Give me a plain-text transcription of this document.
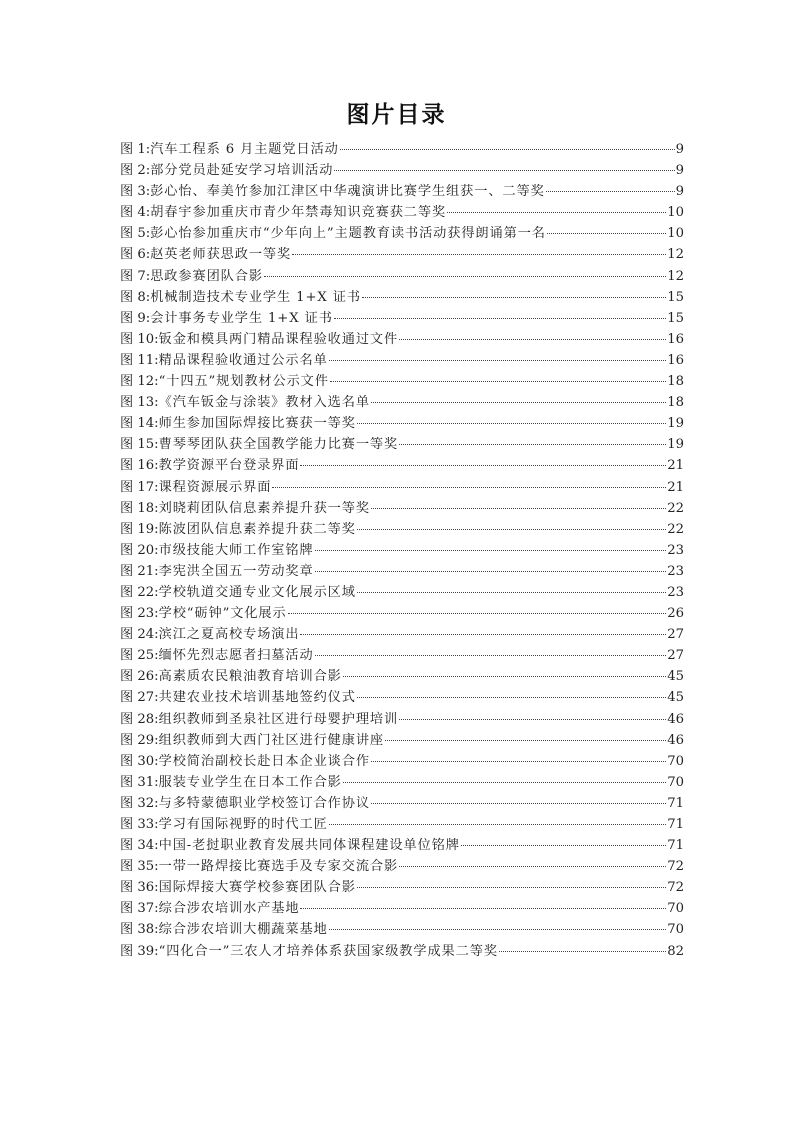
图片目录
图 1: 汽车工程系 6 月主题党日活动	9
图 2: 部分党员赴延安学习培训活动	9
图 3: 彭心怡、奉美竹参加江津区中华魂演讲比赛学生组获一、二等奖	9
图 4: 胡春宇参加重庆市青少年禁毒知识竞赛获二等奖	10
图 5: 彭心怡参加重庆市“少年向上”主题教育读书活动获得朗诵第一名	10
图 6: 赵英老师获思政一等奖	12
图 7: 思政参赛团队合影	12
图 8: 机械制造技术专业学生 1+X 证书	15
图 9: 会计事务专业学生 1+X 证书	15
图 10: 钣金和模具两门精品课程验收通过文件	16
图 11: 精品课程验收通过公示名单	16
图 12: “十四五”规划教材公示文件	18
图 13: 《汽车钣金与涂装》教材入选名单	18
图 14: 师生参加国际焊接比赛获一等奖	19
图 15: 曹琴琴团队获全国教学能力比赛一等奖	19
图 16: 教学资源平台登录界面	21
图 17: 课程资源展示界面	21
图 18: 刘晓莉团队信息素养提升获一等奖	22
图 19: 陈波团队信息素养提升获二等奖	22
图 20: 市级技能大师工作室铭牌	23
图 21: 李宪洪全国五一劳动奖章	23
图 22: 学校轨道交通专业文化展示区域	23
图 23: 学校“砺钟”文化展示	26
图 24: 滨江之夏高校专场演出	27
图 25: 缅怀先烈志愿者扫墓活动	27
图 26: 高素质农民粮油教育培训合影	45
图 27: 共建农业技术培训基地签约仪式	45
图 28: 组织教师到圣泉社区进行母婴护理培训	46
图 29: 组织教师到大西门社区进行健康讲座	46
图 30: 学校简治副校长赴日本企业谈合作	70
图 31: 服装专业学生在日本工作合影	70
图 32: 与多特蒙德职业学校签订合作协议	71
图 33: 学习有国际视野的时代工匠	71
图 34: 中国-老挝职业教育发展共同体课程建设单位铭牌	71
图 35: 一带一路焊接比赛选手及专家交流合影	72
图 36: 国际焊接大赛学校参赛团队合影	72
图 37: 综合涉农培训水产基地	70
图 38: 综合涉农培训大棚蔬菜基地	70
图 39: “四化合一”三农人才培养体系获国家级教学成果二等奖	82
